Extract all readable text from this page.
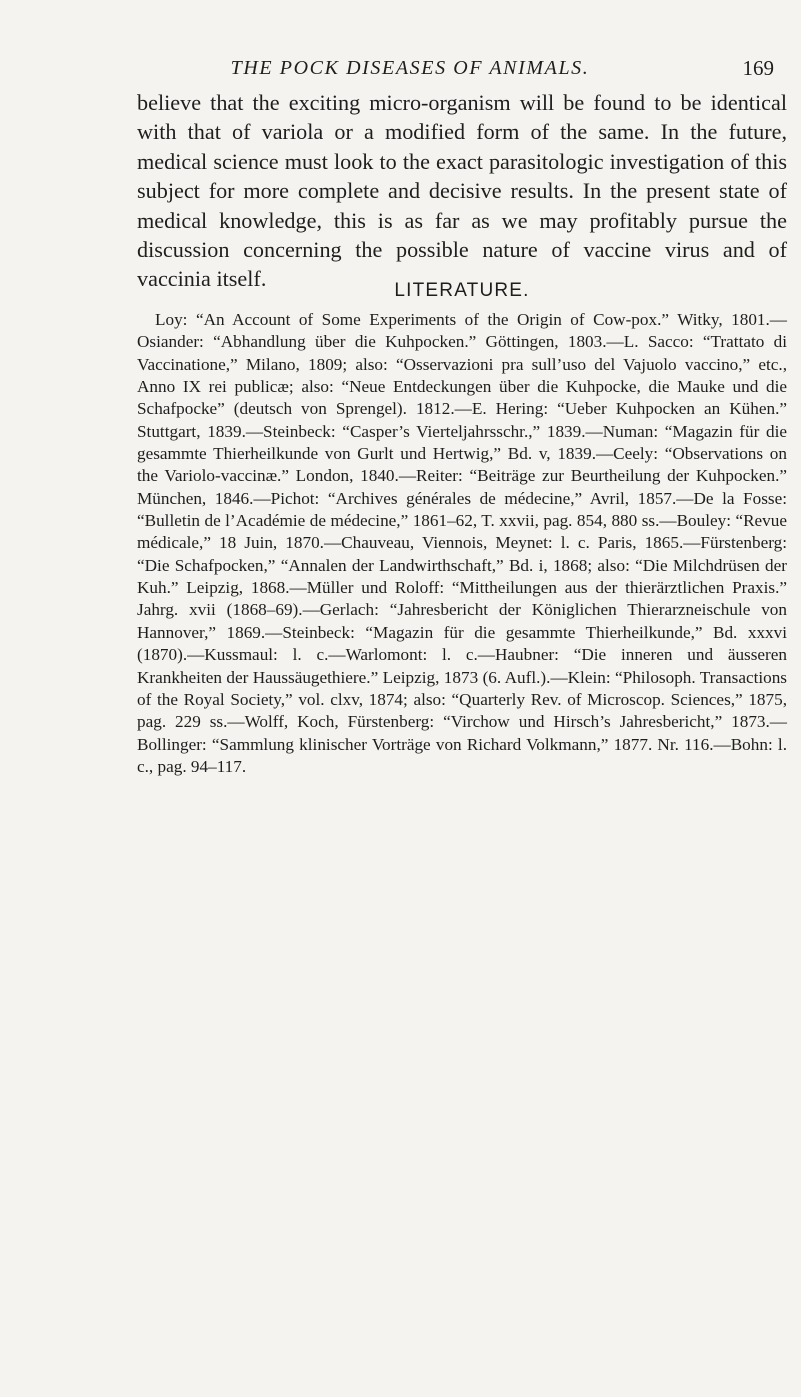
THE POCK DISEASES OF ANIMALS.	169

believe that the exciting micro-organism will be found to be identical with that of variola or a modified form of the same. In the future, medical science must look to the exact parasitologic investigation of this subject for more complete and decisive results. In the present state of medical knowledge, this is as far as we may profitably pursue the discussion concerning the possible nature of vaccine virus and of vaccinia itself.	LITERATURE.

Loy: “An Account of Some Experiments of the Origin of Cow-pox.” Witky, 1801.—Osiander: “Abhandlung über die Kuhpocken.” Göttingen, 1803.—L. Sacco: “Trattato di Vaccinatione,” Milano, 1809; also: “Osservazioni pra sull’uso del Vajuolo vaccino,” etc., Anno IX rei publicæ; also: “Neue Entdeckungen über die Kuhpocke, die Mauke und die Schafpocke” (deutsch von Sprengel). 1812.—E. Hering: “Ueber Kuhpocken an Kühen.” Stuttgart, 1839.—Steinbeck: “Casper’s Vierteljahrsschr.,” 1839.—Numan: “Magazin für die gesammte Thierheilkunde von Gurlt und Hertwig,” Bd. v, 1839.—Ceely: “Observations on the Variolo-vaccinæ.” London, 1840.—Reiter: “Beiträge zur Beurtheilung der Kuhpocken.” München, 1846.—Pichot: “Archives générales de médecine,” Avril, 1857.—De la Fosse: “Bulletin de l’Académie de médecine,” 1861–62, T. xxvii, pag. 854, 880 ss.—Bouley: “Revue médicale,” 18 Juin, 1870.—Chauveau, Viennois, Meynet: l. c. Paris, 1865.—Fürstenberg: “Die Schafpocken,” “Annalen der Landwirthschaft,” Bd. i, 1868; also: “Die Milchdrüsen der Kuh.” Leipzig, 1868.—Müller und Roloff: “Mittheilungen aus der thierärztlichen Praxis.” Jahrg. xvii (1868–69).—Gerlach: “Jahresbericht der Königlichen Thierarzneischule von Hannover,” 1869.—Steinbeck: “Magazin für die gesammte Thierheilkunde,” Bd. xxxvi (1870).—Kussmaul: l. c.—Warlomont: l. c.—Haubner: “Die inneren und äusseren Krankheiten der Haussäugethiere.” Leipzig, 1873 (6. Aufl.).—Klein: “Philosoph. Transactions of the Royal Society,” vol. clxv, 1874; also: “Quarterly Rev. of Microscop. Sciences,” 1875, pag. 229 ss.—Wolff, Koch, Fürstenberg: “Virchow und Hirsch’s Jahresbericht,” 1873.—Bollinger: “Sammlung klinischer Vorträge von Richard Volkmann,” 1877. Nr. 116.—Bohn: l. c., pag. 94–117.
